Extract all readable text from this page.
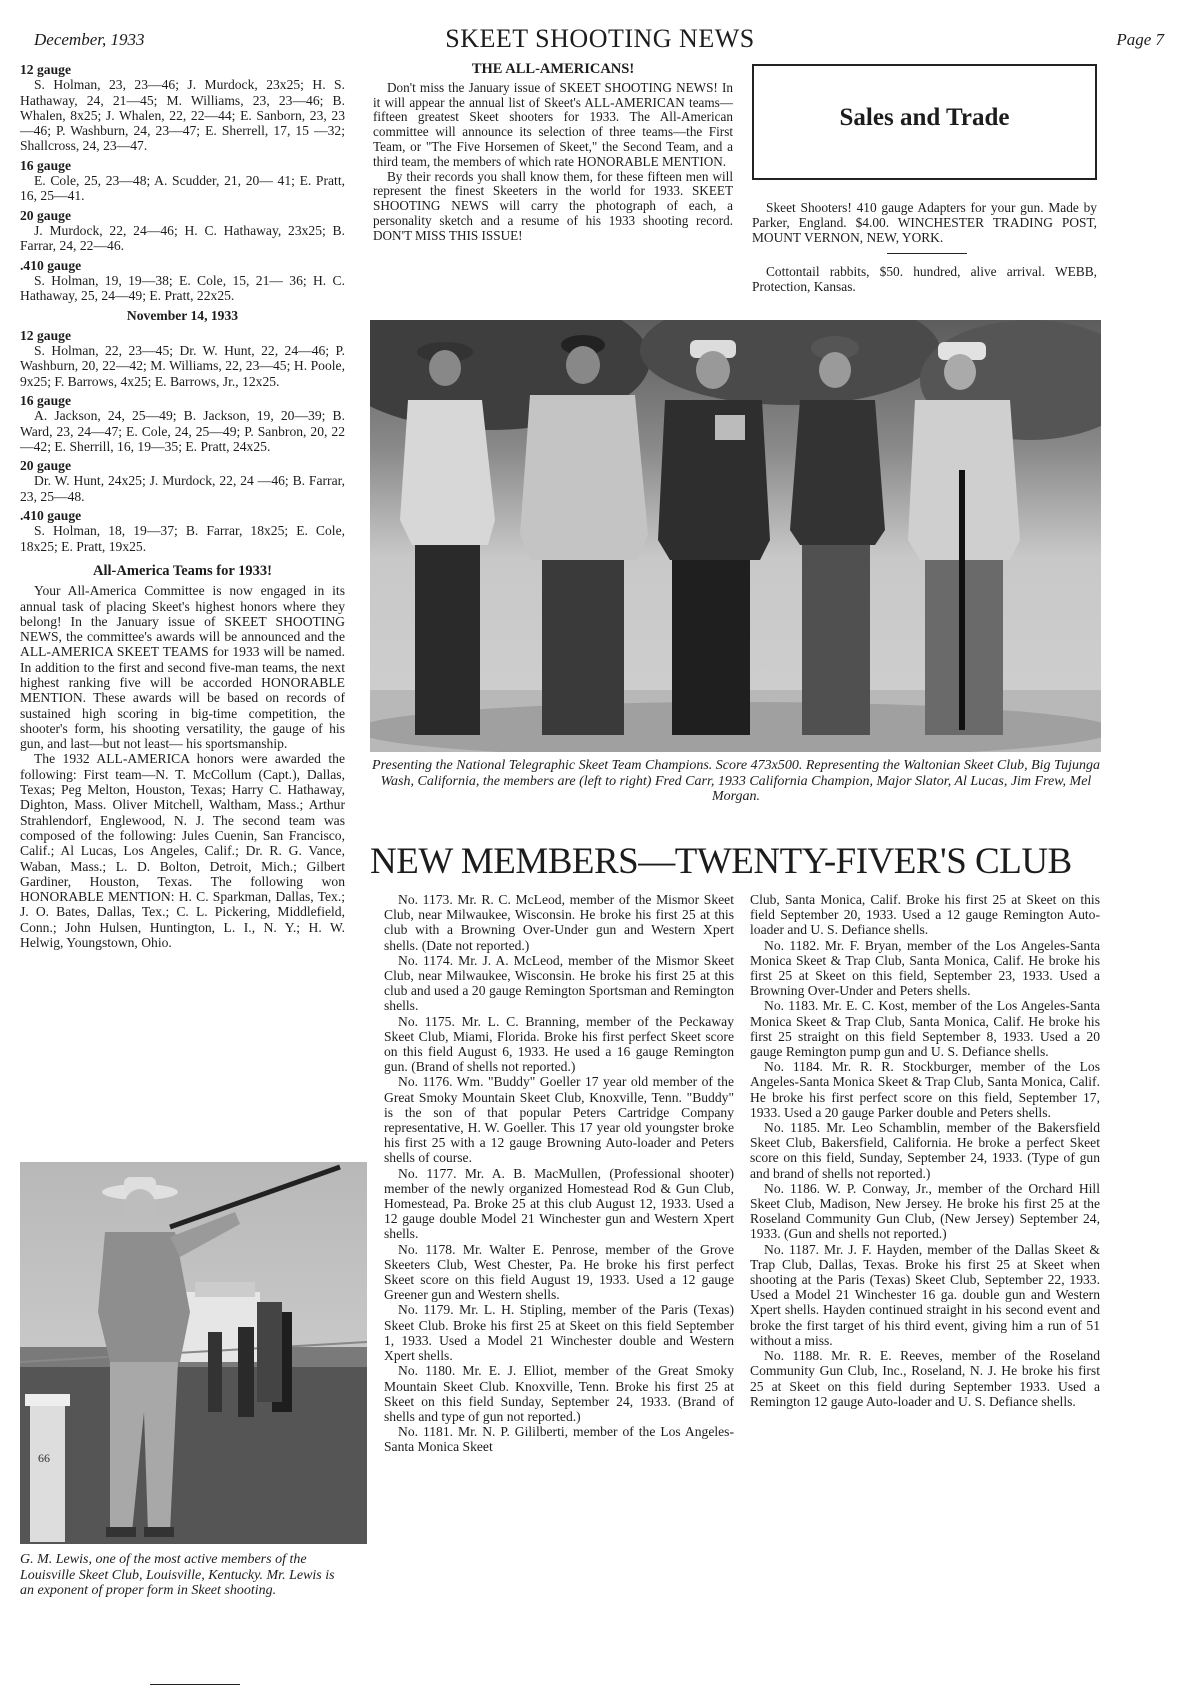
December, 1933	SKEET SHOOTING NEWS	Page 7
12 gauge

S. Holman, 23, 23—46; J. Murdock, 23x25; H. S. Hathaway, 24, 21—45; M. Williams, 23, 23—46; B. Whalen, 8x25; J. Whalen, 22, 22—44; E. Sanborn, 23, 23—46; P. Washburn, 24, 23—47; E. Sherrell, 17, 15 —32; Shallcross, 24, 23—47.

16 gauge

E. Cole, 25, 23—48; A. Scudder, 21, 20— 41; E. Pratt, 16, 25—41.

20 gauge

J. Murdock, 22, 24—46; H. C. Hathaway, 23x25; B. Farrar, 24, 22—46.

.410 gauge

S. Holman, 19, 19—38; E. Cole, 15, 21— 36; H. C. Hathaway, 25, 24—49; E. Pratt, 22x25.

November 14, 1933
12 gauge

S. Holman, 22, 23—45; Dr. W. Hunt, 22, 24—46; P. Washburn, 20, 22—42; M. Williams, 22, 23—45; H. Poole, 9x25; F. Barrows, 4x25; E. Barrows, Jr., 12x25.

16 gauge

A. Jackson, 24, 25—49; B. Jackson, 19, 20—39; B. Ward, 23, 24—47; E. Cole, 24, 25—49; P. Sanbron, 20, 22—42; E. Sherrill, 16, 19—35; E. Pratt, 24x25.

20 gauge

Dr. W. Hunt, 24x25; J. Murdock, 22, 24 —46; B. Farrar, 23, 25—48.

.410 gauge

S. Holman, 18, 19—37; B. Farrar, 18x25; E. Cole, 18x25; E. Pratt, 19x25.

All-America Teams for 1933!

Your All-America Committee is now engaged in its annual task of placing Skeet's highest honors where they belong! In the January issue of SKEET SHOOTING NEWS, the committee's awards will be announced and the ALL-AMERICA SKEET TEAMS for 1933 will be named. In addition to the first and second five-man teams, the next highest ranking five will be accorded HONORABLE MENTION. These awards will be based on records of sustained high scoring in big-time competition, the shooter's form, his shooting versatility, the gauge of his gun, and last—but not least— his sportsmanship.

The 1932 ALL-AMERICA honors were awarded the following: First team—N. T. McCollum (Capt.), Dallas, Texas; Peg Melton, Houston, Texas; Harry C. Hathaway, Dighton, Mass. Oliver Mitchell, Waltham, Mass.; Arthur Strahlendorf, Englewood, N. J. The second team was composed of the following: Jules Cuenin, San Francisco, Calif.; Al Lucas, Los Angeles, Calif.; Dr. R. G. Vance, Waban, Mass.; L. D. Bolton, Detroit, Mich.; Gilbert Gardiner, Houston, Texas. The following won HONORABLE MENTION: H. C. Sparkman, Dallas, Tex.; J. O. Bates, Dallas, Tex.; C. L. Pickering, Middlefield, Conn.; John Hulsen, Huntington, L. I., N. Y.; H. W. Helwig, Youngstown, Ohio.

66
G. M. Lewis, one of the most active members of the Louisville Skeet Club, Louisville, Kentucky. Mr. Lewis is an exponent of proper form in Skeet shooting.
THE ALL-AMERICANS!

Don't miss the January issue of SKEET SHOOTING NEWS! In it will appear the annual list of Skeet's ALL-AMERICAN teams—fifteen greatest Skeet shooters for 1933. The All-American committee will announce its selection of three teams—the First Team, or "The Five Horsemen of Skeet," the Second Team, and a third team, the members of which rate HONORABLE MENTION.

By their records you shall know them, for these fifteen men will represent the finest Skeeters in the world for 1933. SKEET SHOOTING NEWS will carry the photograph of each, a personality sketch and a resume of his 1933 shooting record. DON'T MISS THIS ISSUE!

Sales and Trade

Skeet Shooters! 410 gauge Adapters for your gun. Made by Parker, England. $4.00. WINCHESTER TRADING POST, MOUNT VERNON, NEW, YORK.

Cottontail rabbits, $50. hundred, alive arrival. WEBB, Protection, Kansas.

Presenting the National Telegraphic Skeet Team Champions. Score 473x500. Representing the Waltonian Skeet Club, Big Tujunga Wash, California, the members are (left to right) Fred Carr, 1933 California Champion, Major Slator, Al Lucas, Jim Frew, Mel Morgan.
NEW MEMBERS—TWENTY-FIVER'S CLUB

No. 1173. Mr. R. C. McLeod, member of the Mismor Skeet Club, near Milwaukee, Wisconsin. He broke his first 25 at this club with a Browning Over-Under gun and Western Xpert shells. (Date not reported.)

No. 1174. Mr. J. A. McLeod, member of the Mismor Skeet Club, near Milwaukee, Wisconsin. He broke his first 25 at this club and used a 20 gauge Remington Sportsman and Remington shells.

No. 1175. Mr. L. C. Branning, member of the Peckaway Skeet Club, Miami, Florida. Broke his first perfect Skeet score on this field August 6, 1933. He used a 16 gauge Remington gun. (Brand of shells not reported.)

No. 1176. Wm. "Buddy" Goeller 17 year old member of the Great Smoky Mountain Skeet Club, Knoxville, Tenn. "Buddy" is the son of that popular Peters Cartridge Company representative, H. W. Goeller. This 17 year old youngster broke his first 25 with a 12 gauge Browning Auto-loader and Peters shells of course.

No. 1177. Mr. A. B. MacMullen, (Professional shooter) member of the newly organized Homestead Rod & Gun Club, Homestead, Pa. Broke 25 at this club August 12, 1933. Used a 12 gauge double Model 21 Winchester gun and Western Xpert shells.

No. 1178. Mr. Walter E. Penrose, member of the Grove Skeeters Club, West Chester, Pa. He broke his first perfect Skeet score on this field August 19, 1933. Used a 12 gauge Greener gun and Western shells.

No. 1179. Mr. L. H. Stipling, member of the Paris (Texas) Skeet Club. Broke his first 25 at Skeet on this field September 1, 1933. Used a Model 21 Winchester double and Western Xpert shells.

No. 1180. Mr. E. J. Elliot, member of the Great Smoky Mountain Skeet Club. Knoxville, Tenn. Broke his first 25 at Skeet on this field Sunday, September 24, 1933. (Brand of shells and type of gun not reported.)

No. 1181. Mr. N. P. Gililberti, member of the Los Angeles-Santa Monica Skeet

Club, Santa Monica, Calif. Broke his first 25 at Skeet on this field September 20, 1933. Used a 12 gauge Remington Auto-loader and U. S. Defiance shells.

No. 1182. Mr. F. Bryan, member of the Los Angeles-Santa Monica Skeet & Trap Club, Santa Monica, Calif. He broke his first 25 at Skeet on this field, September 23, 1933. Used a Browning Over-Under and Peters shells.

No. 1183. Mr. E. C. Kost, member of the Los Angeles-Santa Monica Skeet & Trap Club, Santa Monica, Calif. He broke his first 25 straight on this field September 8, 1933. Used a 20 gauge Remington pump gun and U. S. Defiance shells.

No. 1184. Mr. R. R. Stockburger, member of the Los Angeles-Santa Monica Skeet & Trap Club, Santa Monica, Calif. He broke his first perfect score on this field, September 17, 1933. Used a 20 gauge Parker double and Peters shells.

No. 1185. Mr. Leo Schamblin, member of the Bakersfield Skeet Club, Bakersfield, California. He broke a perfect Skeet score on this field, Sunday, September 24, 1933. (Type of gun and brand of shells not reported.)

No. 1186. W. P. Conway, Jr., member of the Orchard Hill Skeet Club, Madison, New Jersey. He broke his first 25 at the Roseland Community Gun Club, (New Jersey) September 24, 1933. (Gun and shells not reported.)

No. 1187. Mr. J. F. Hayden, member of the Dallas Skeet & Trap Club, Dallas, Texas. Broke his first 25 at Skeet when shooting at the Paris (Texas) Skeet Club, September 22, 1933. Used a Model 21 Winchester 16 ga. double gun and Western Xpert shells. Hayden continued straight in his second event and broke the first target of his third event, giving him a run of 51 without a miss.

No. 1188. Mr. R. E. Reeves, member of the Roseland Community Gun Club, Inc., Roseland, N. J. He broke his first 25 at Skeet on this field during September 1933. Used a Remington 12 gauge Auto-loader and U. S. Defiance shells.
